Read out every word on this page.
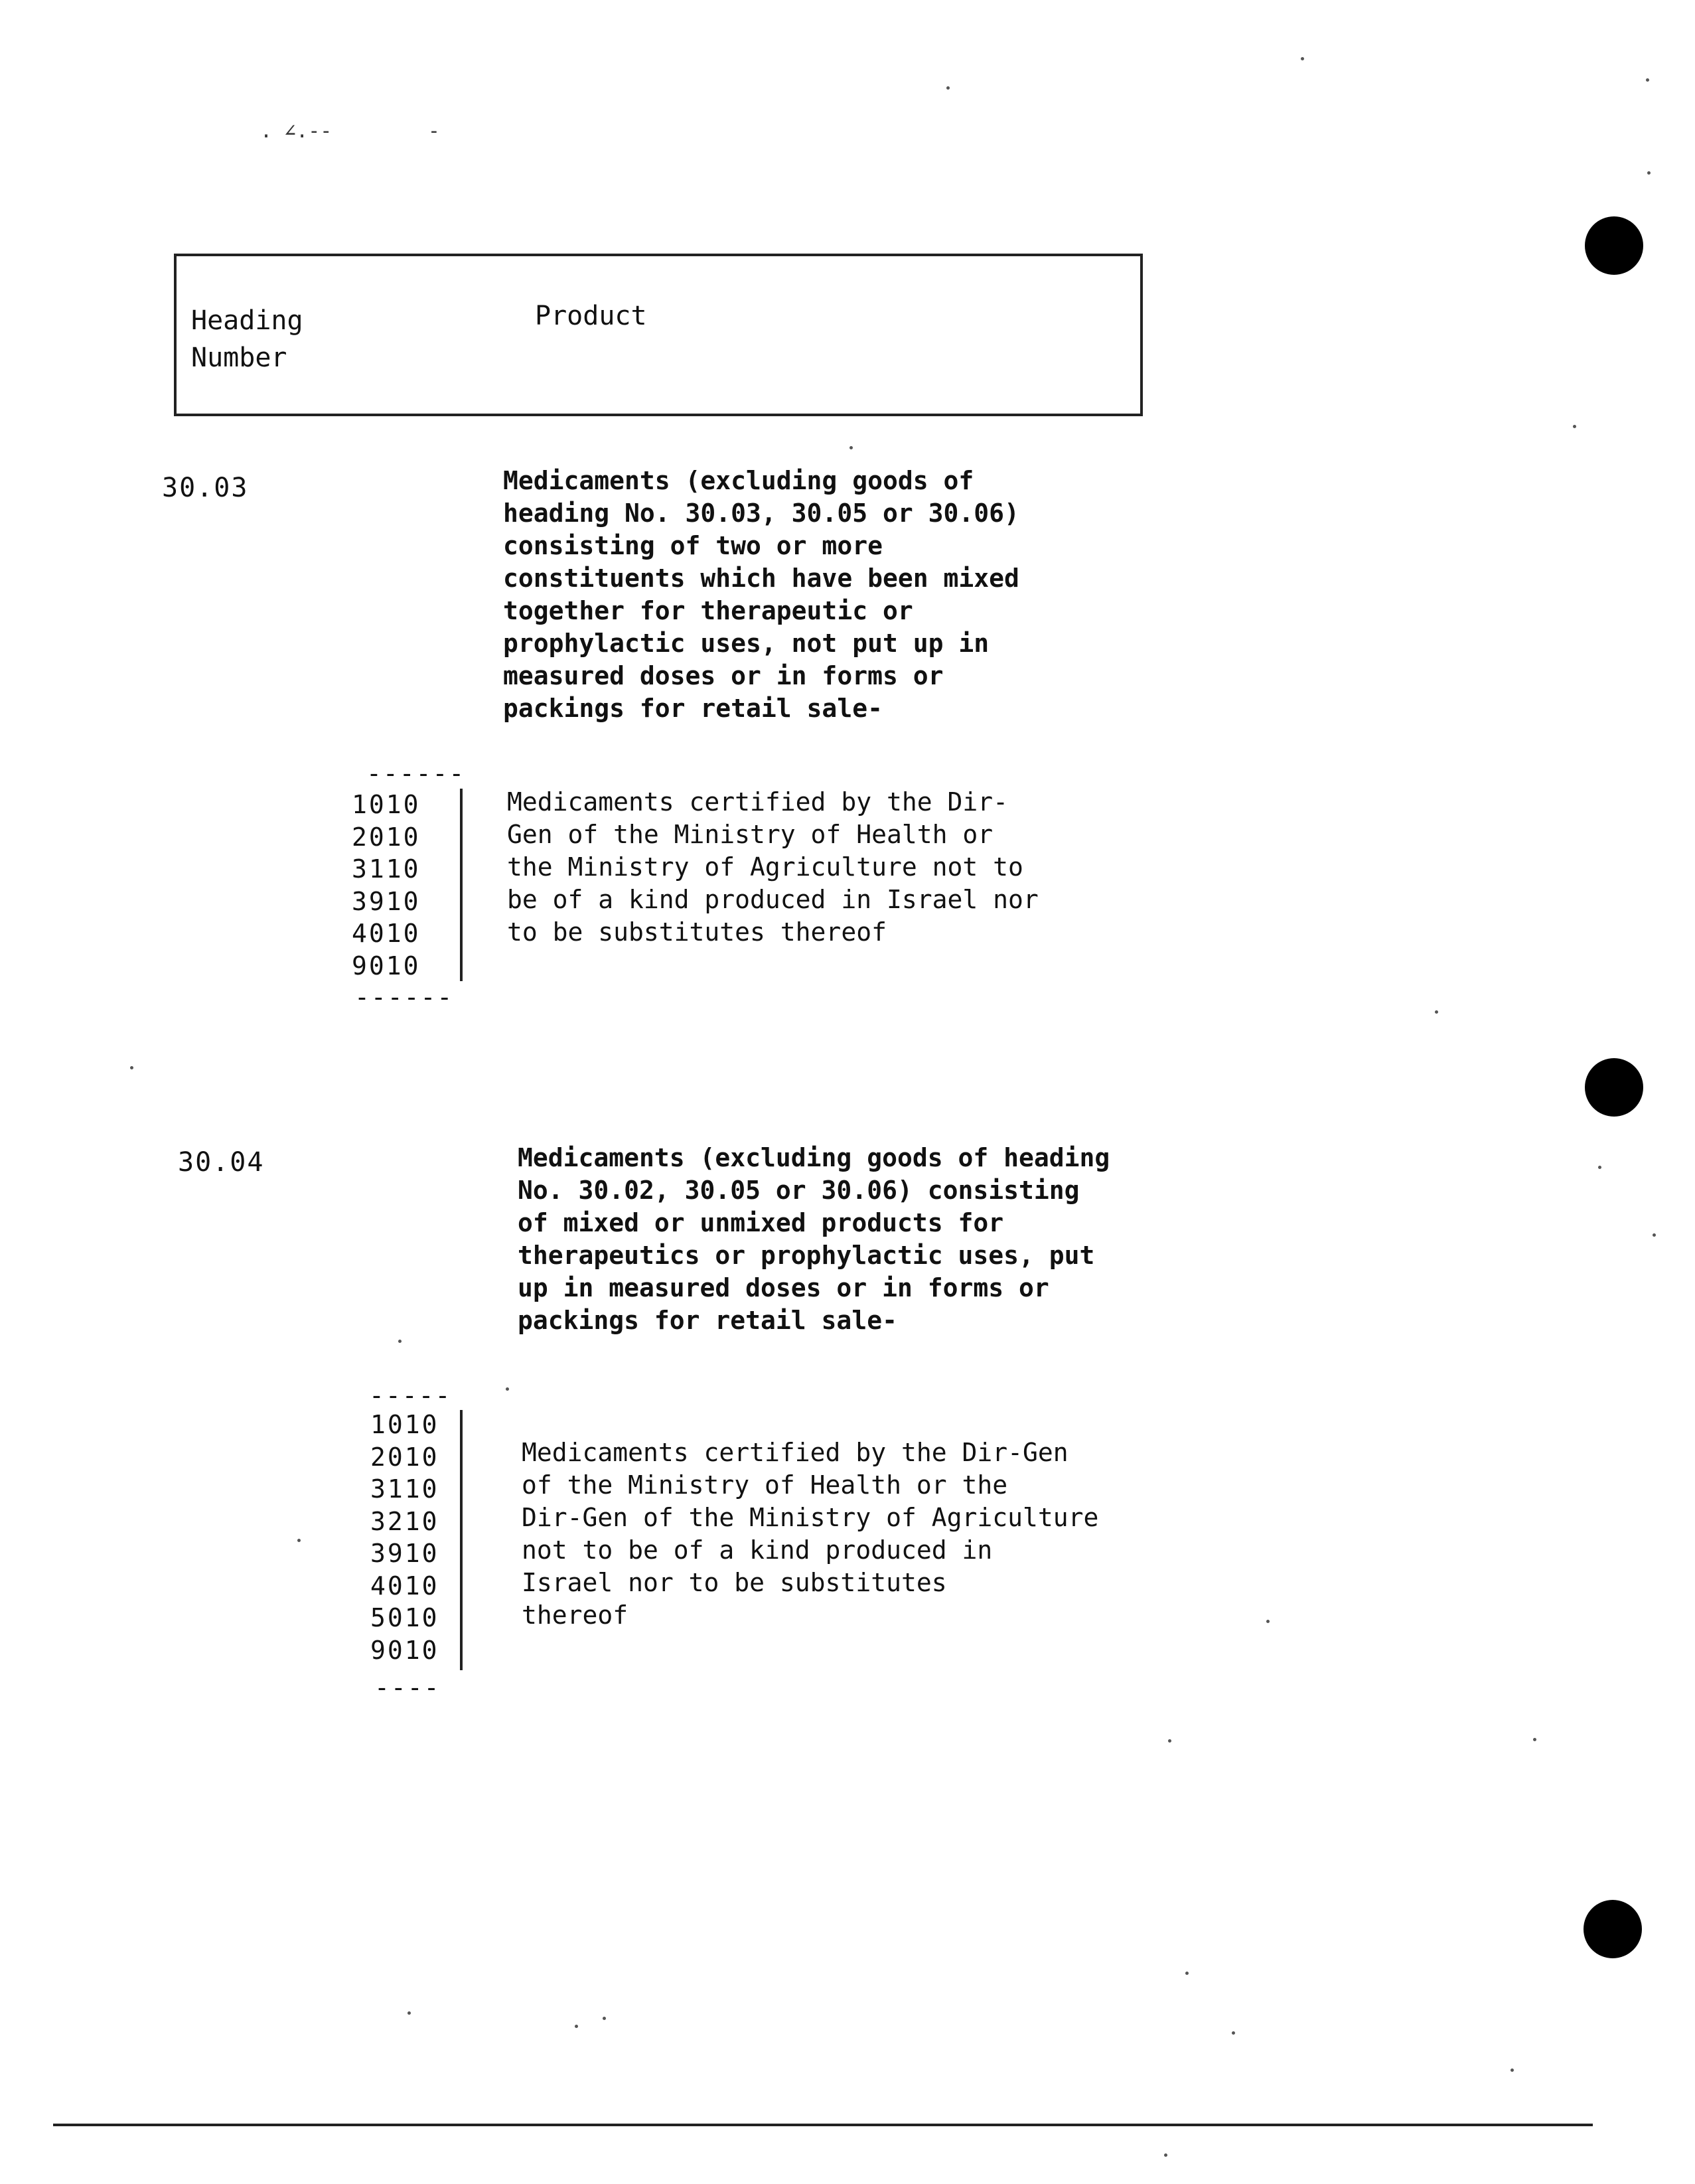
. ∠.--        -
Heading
Number
Product
30.03	Medicaments (excluding goods of
heading No. 30.03, 30.05 or 30.06)
consisting of two or more
constituents which have been mixed
together for therapeutic or
prophylactic uses, not put up in
measured doses or in forms or
packings for retail sale-
------
1010
2010
3110
3910
4010
9010
------
Medicaments certified by the Dir-
Gen of the Ministry of Health or
the Ministry of Agriculture not to
be of a kind produced in Israel nor
to be substitutes thereof
30.04	Medicaments (excluding goods of heading
No. 30.02, 30.05 or 30.06) consisting
of mixed or unmixed products for
therapeutics or prophylactic uses, put
up in measured doses or in forms or
packings for retail sale-
-----
1010
2010
3110
3210
3910
4010
5010
9010
----
Medicaments certified by the Dir-Gen
of the Ministry of Health or the
Dir-Gen of the Ministry of Agriculture
not to be of a kind produced in
Israel nor to be substitutes
thereof
